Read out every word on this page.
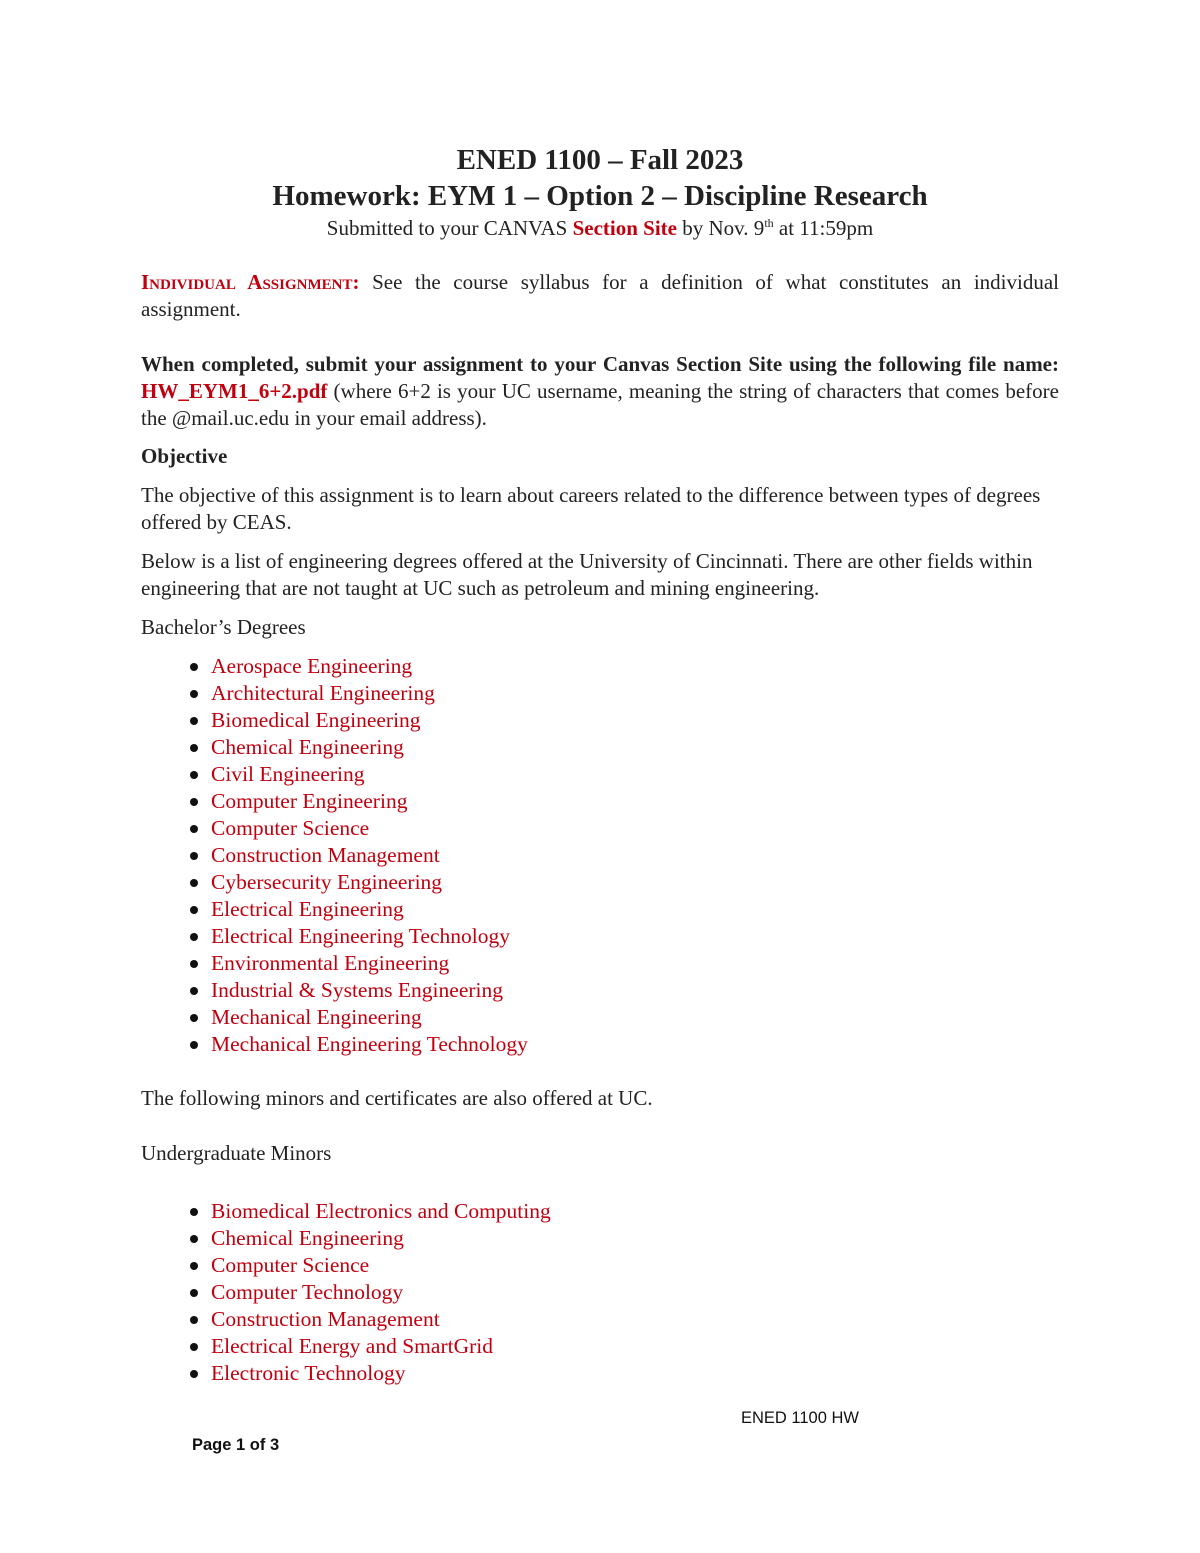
ENED 1100 – Fall 2023
Homework: EYM 1 – Option 2 – Discipline Research
Submitted to your CANVAS Section Site by Nov. 9th at 11:59pm

Individual Assignment: See the course syllabus for a definition of what constitutes an individual assignment.

When completed, submit your assignment to your Canvas Section Site using the following file name: HW_EYM1_6+2.pdf (where 6+2 is your UC username, meaning the string of characters that comes before the @mail.uc.edu in your email address).

Objective

The objective of this assignment is to learn about careers related to the difference between types of degrees offered by CEAS.

Below is a list of engineering degrees offered at the University of Cincinnati. There are other fields within engineering that are not taught at UC such as petroleum and mining engineering.

Bachelor’s Degrees

Aerospace Engineering
Architectural Engineering
Biomedical Engineering
Chemical Engineering
Civil Engineering
Computer Engineering
Computer Science
Construction Management
Cybersecurity Engineering
Electrical Engineering
Electrical Engineering Technology
Environmental Engineering
Industrial & Systems Engineering
Mechanical Engineering
Mechanical Engineering Technology

The following minors and certificates are also offered at UC.

Undergraduate Minors

Biomedical Electronics and Computing
Chemical Engineering
Computer Science
Computer Technology
Construction Management
Electrical Energy and SmartGrid
Electronic Technology
ENED 1100 HW
Page 1 of 3
